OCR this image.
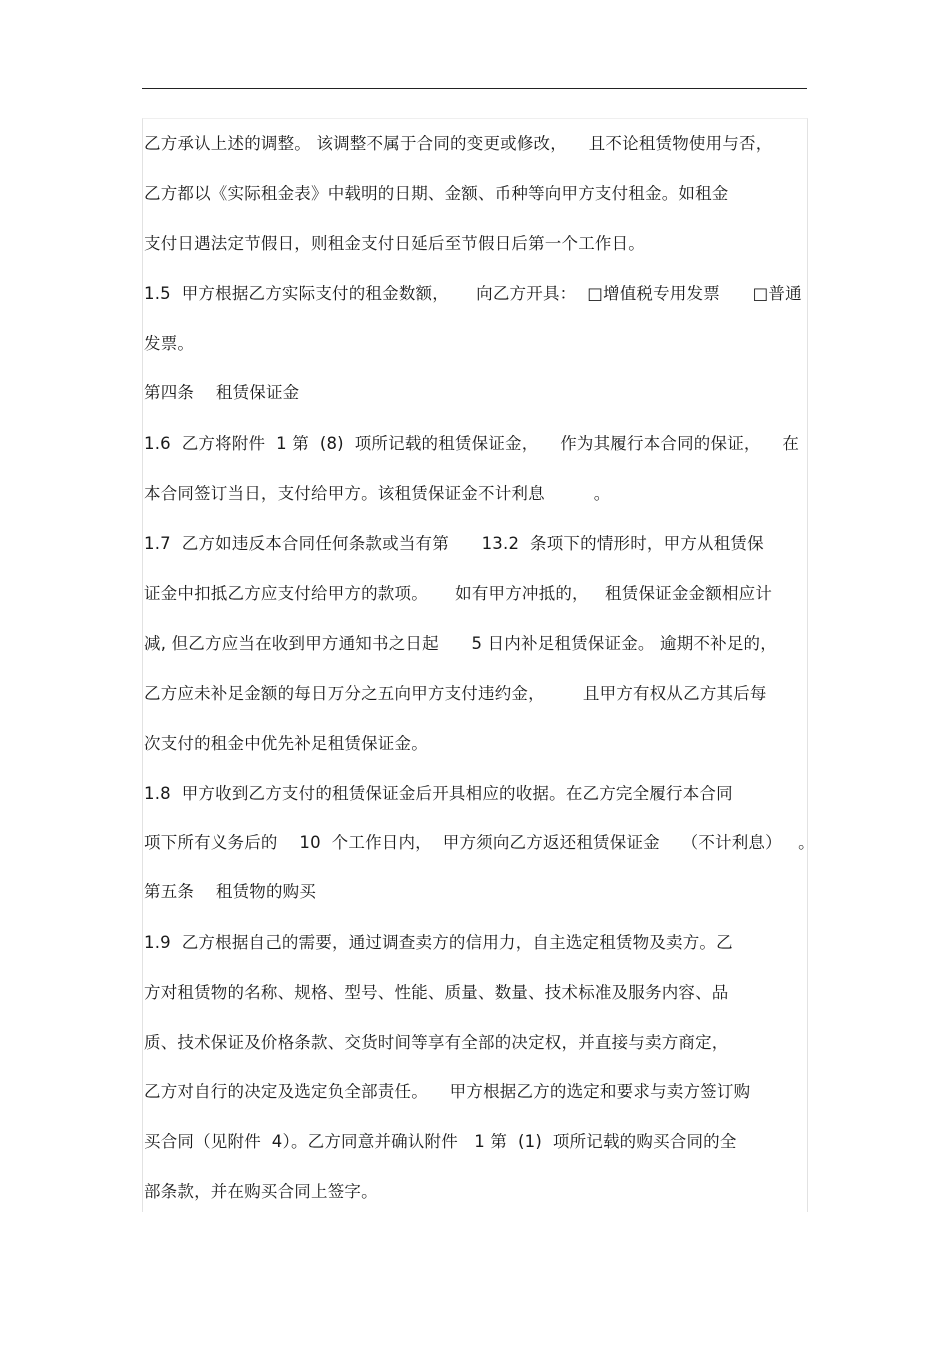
乙方承认上述的调整。 该调整不属于合同的变更或修改，    且不论租赁物使用与否，
乙方都以《实际租金表》中载明的日期、金额、币种等向甲方支付租金。如租金
支付日遇法定节假日，则租金支付日延后至节假日后第一个工作日。
1.5  甲方根据乙方实际支付的租金数额，     向乙方开具：  □增值税专用发票      □普通
发票。
第四条    租赁保证金
1.6  乙方将附件  1 第  (8)  项所记载的租赁保证金，    作为其履行本合同的保证，    在
本合同签订当日，支付给甲方。该租赁保证金不计利息         。
1.7  乙方如违反本合同任何条款或当有第      13.2  条项下的情形时，甲方从租赁保
证金中扣抵乙方应支付给甲方的款项。     如有甲方冲抵的，   租赁保证金金额相应计
减, 但乙方应当在收到甲方通知书之日起      5 日内补足租赁保证金。 逾期不补足的，
乙方应未补足金额的每日万分之五向甲方支付违约金，       且甲方有权从乙方其后每
次支付的租金中优先补足租赁保证金。
1.8  甲方收到乙方支付的租赁保证金后开具相应的收据。在乙方完全履行本合同
项下所有义务后的    10  个工作日内，  甲方须向乙方返还租赁保证金    （不计利息）   。
第五条    租赁物的购买
1.9  乙方根据自己的需要，通过调查卖方的信用力，自主选定租赁物及卖方。乙
方对租赁物的名称、规格、型号、性能、质量、数量、技术标准及服务内容、品
质、技术保证及价格条款、交货时间等享有全部的决定权，并直接与卖方商定，
乙方对自行的决定及选定负全部责任。    甲方根据乙方的选定和要求与卖方签订购
买合同（见附件  4）。乙方同意并确认附件   1 第  (1)  项所记载的购买合同的全
部条款，并在购买合同上签字。
